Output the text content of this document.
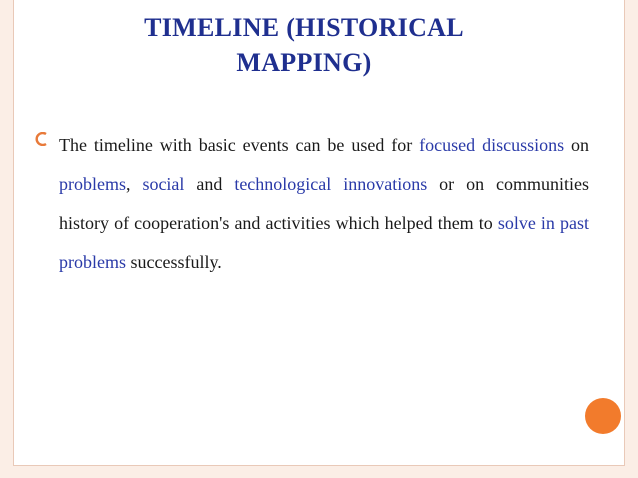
TIMELINE (HISTORICAL
MAPPING)
The timeline with basic events can be used for focused discussions on problems, social and technological innovations or on communities history of cooperation's and activities which helped them to solve in past problems successfully.
